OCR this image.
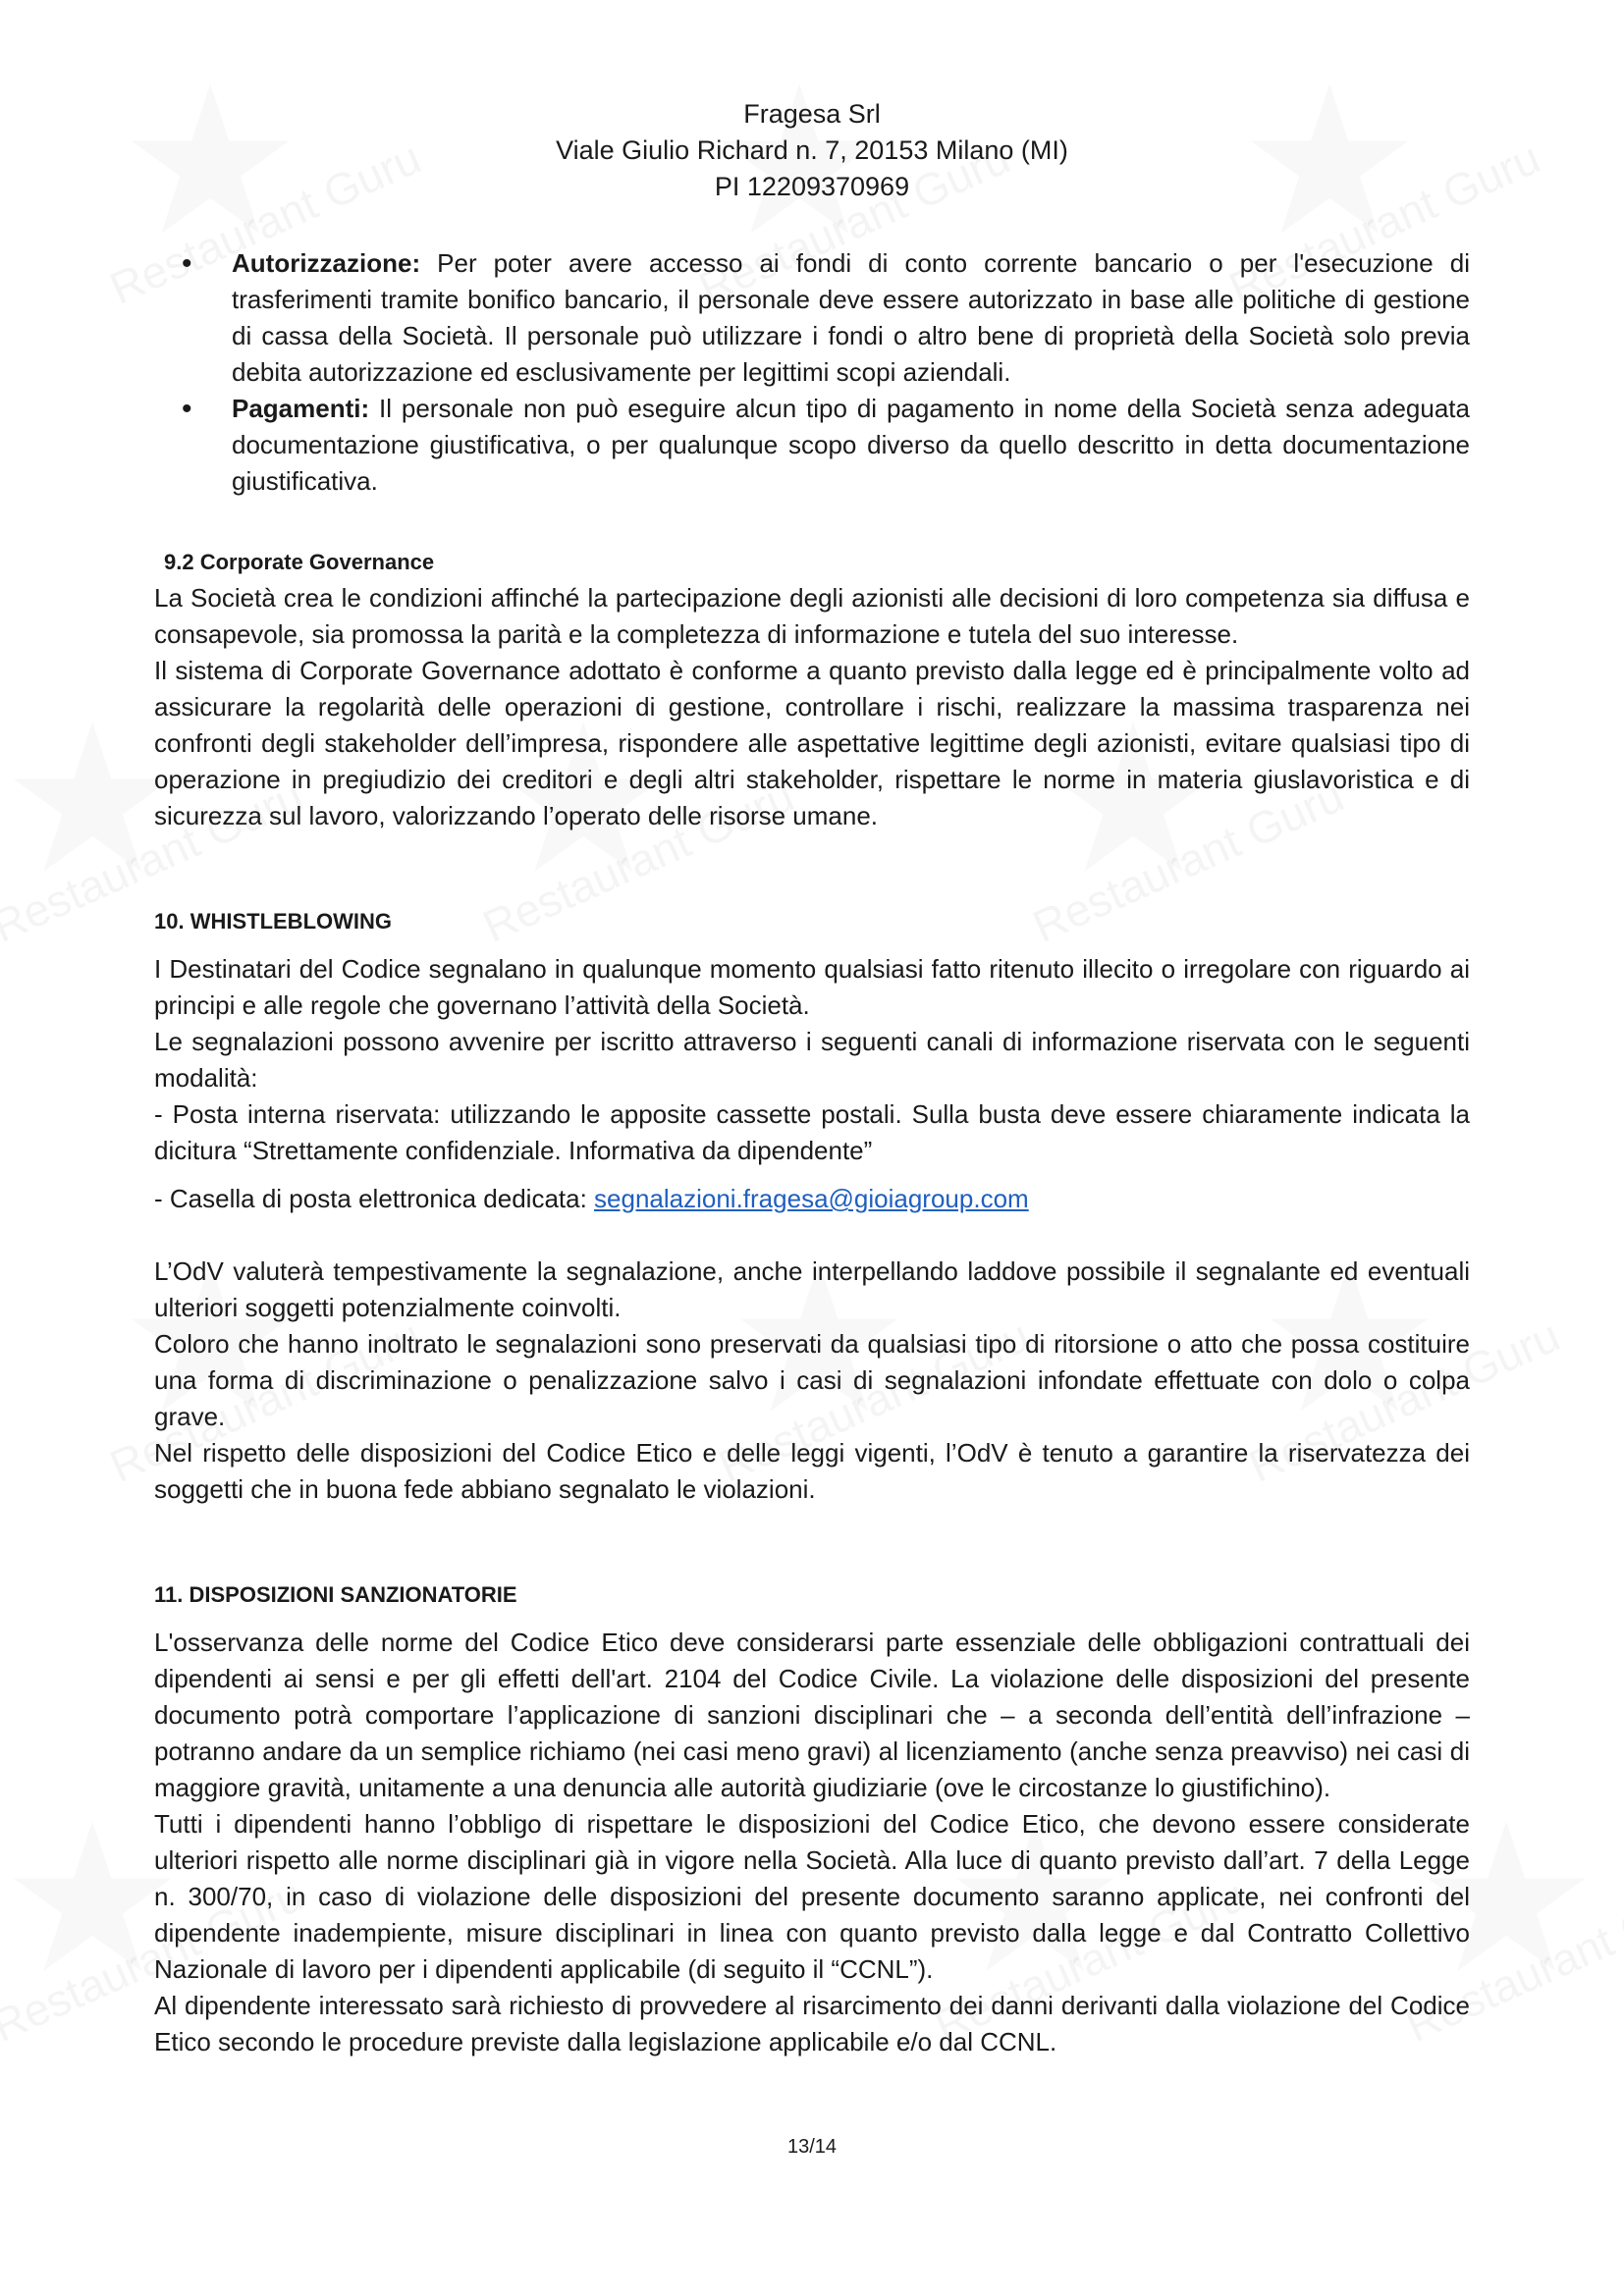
Fragesa Srl
Viale Giulio Richard n. 7, 20153 Milano (MI)
PI 12209370969
• Autorizzazione: Per poter avere accesso ai fondi di conto corrente bancario o per l'esecuzione di trasferimenti tramite bonifico bancario, il personale deve essere autorizzato in base alle politiche di gestione di cassa della Società. Il personale può utilizzare i fondi o altro bene di proprietà della Società solo previa debita autorizzazione ed esclusivamente per legittimi scopi aziendali.
• Pagamenti: Il personale non può eseguire alcun tipo di pagamento in nome della Società senza adeguata documentazione giustificativa, o per qualunque scopo diverso da quello descritto in detta documentazione giustificativa.
9.2 Corporate Governance

La Società crea le condizioni affinché la partecipazione degli azionisti alle decisioni di loro competenza sia diffusa e consapevole, sia promossa la parità e la completezza di informazione e tutela del suo interesse.

Il sistema di Corporate Governance adottato è conforme a quanto previsto dalla legge ed è principalmente volto ad assicurare la regolarità delle operazioni di gestione, controllare i rischi, realizzare la massima trasparenza nei confronti degli stakeholder dell’impresa, rispondere alle aspettative legittime degli azionisti, evitare qualsiasi tipo di operazione in pregiudizio dei creditori e degli altri stakeholder, rispettare le norme in materia giuslavoristica e di sicurezza sul lavoro, valorizzando l’operato delle risorse umane.

10. WHISTLEBLOWING

I Destinatari del Codice segnalano in qualunque momento qualsiasi fatto ritenuto illecito o irregolare con riguardo ai principi e alle regole che governano l’attività della Società.

Le segnalazioni possono avvenire per iscritto attraverso i seguenti canali di informazione riservata con le seguenti modalità:

- Posta interna riservata: utilizzando le apposite cassette postali. Sulla busta deve essere chiaramente indicata la dicitura “Strettamente confidenziale. Informativa da dipendente”

- Casella di posta elettronica dedicata: segnalazioni.fragesa@gioiagroup.com

L’OdV valuterà tempestivamente la segnalazione, anche interpellando laddove possibile il segnalante ed eventuali ulteriori soggetti potenzialmente coinvolti.

Coloro che hanno inoltrato le segnalazioni sono preservati da qualsiasi tipo di ritorsione o atto che possa costituire una forma di discriminazione o penalizzazione salvo i casi di segnalazioni infondate effettuate con dolo o colpa grave.

Nel rispetto delle disposizioni del Codice Etico e delle leggi vigenti, l’OdV è tenuto a garantire la riservatezza dei soggetti che in buona fede abbiano segnalato le violazioni.

11. DISPOSIZIONI SANZIONATORIE

L'osservanza delle norme del Codice Etico deve considerarsi parte essenziale delle obbligazioni contrattuali dei dipendenti ai sensi e per gli effetti dell'art. 2104 del Codice Civile. La violazione delle disposizioni del presente documento potrà comportare l’applicazione di sanzioni disciplinari che – a seconda dell’entità dell’infrazione – potranno andare da un semplice richiamo (nei casi meno gravi) al licenziamento (anche senza preavviso) nei casi di maggiore gravità, unitamente a una denuncia alle autorità giudiziarie (ove le circostanze lo giustifichino).

Tutti i dipendenti hanno l’obbligo di rispettare le disposizioni del Codice Etico, che devono essere considerate ulteriori rispetto alle norme disciplinari già in vigore nella Società. Alla luce di quanto previsto dall’art. 7 della Legge n. 300/70, in caso di violazione delle disposizioni del presente documento saranno applicate, nei confronti del dipendente inadempiente, misure disciplinari in linea con quanto previsto dalla legge e dal Contratto Collettivo Nazionale di lavoro per i dipendenti applicabile (di seguito il “CCNL”).

Al dipendente interessato sarà richiesto di provvedere al risarcimento dei danni derivanti dalla violazione del Codice Etico secondo le procedure previste dalla legislazione applicabile e/o dal CCNL.

13/14
